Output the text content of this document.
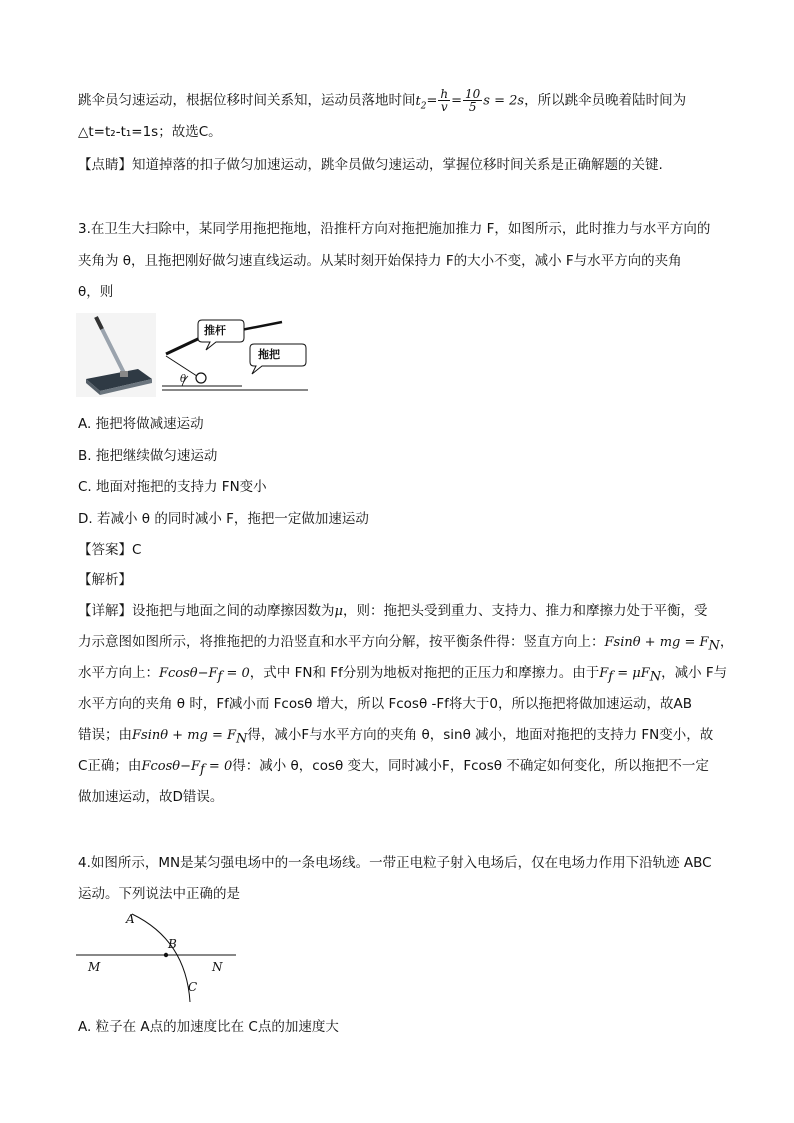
跳伞员匀速运动，根据位移时间关系知，运动员落地时间$t_2= \frac{h}{v} = \frac{10}{5}$ s = 2s，所以跳伞员晚着陆时间为
△t=t₂-t₁=1s；故选C。
【点睛】知道掉落的扣子做匀加速运动，跳伞员做匀速运动，掌握位移时间关系是正确解题的关键.
3.在卫生大扫除中，某同学用拖把拖地，沿推杆方向对拖把施加推力 F，如图所示，此时推力与水平方向的
夹角为 θ，且拖把刚好做匀速直线运动。从某时刻开始保持力 F的大小不变，减小 F与水平方向的夹角
θ，则
推杆
拖把
θ
A. 拖把将做减速运动
B. 拖把继续做匀速运动
C. 地面对拖把的支持力 FN变小
D. 若减小 θ 的同时减小 F，拖把一定做加速运动
【答案】C
【解析】
【详解】设拖把与地面之间的动摩擦因数为μ，则：拖把头受到重力、支持力、推力和摩擦力处于平衡，受
力示意图如图所示，将推拖把的力沿竖直和水平方向分解，按平衡条件得：竖直方向上：Fsinθ + mg = $F_N$，
水平方向上：$Fcos\theta-F_f = 0$，式中 FN和 Ff分别为地板对拖把的正压力和摩擦力。由于$F_f = \mu F_N$，减小 F与
水平方向的夹角 θ 时，Ff减小而 Fcosθ 增大，所以 Fcosθ -Ff将大于0，所以拖把将做加速运动，故AB
错误；由Fsinθ + mg = $F_N$得，减小F与水平方向的夹角 θ，sinθ 减小，地面对拖把的支持力 FN变小，故
C正确；由$Fcos\theta-F_f = 0$得：减小 θ，cosθ 变大，同时减小F，Fcosθ 不确定如何变化，所以拖把不一定
做加速运动，故D错误。
4.如图所示，MN是某匀强电场中的一条电场线。一带正电粒子射入电场后，仅在电场力作用下沿轨迹 ABC
运动。下列说法中正确的是
A
B
C
M	N
A. 粒子在 A点的加速度比在 C点的加速度大
